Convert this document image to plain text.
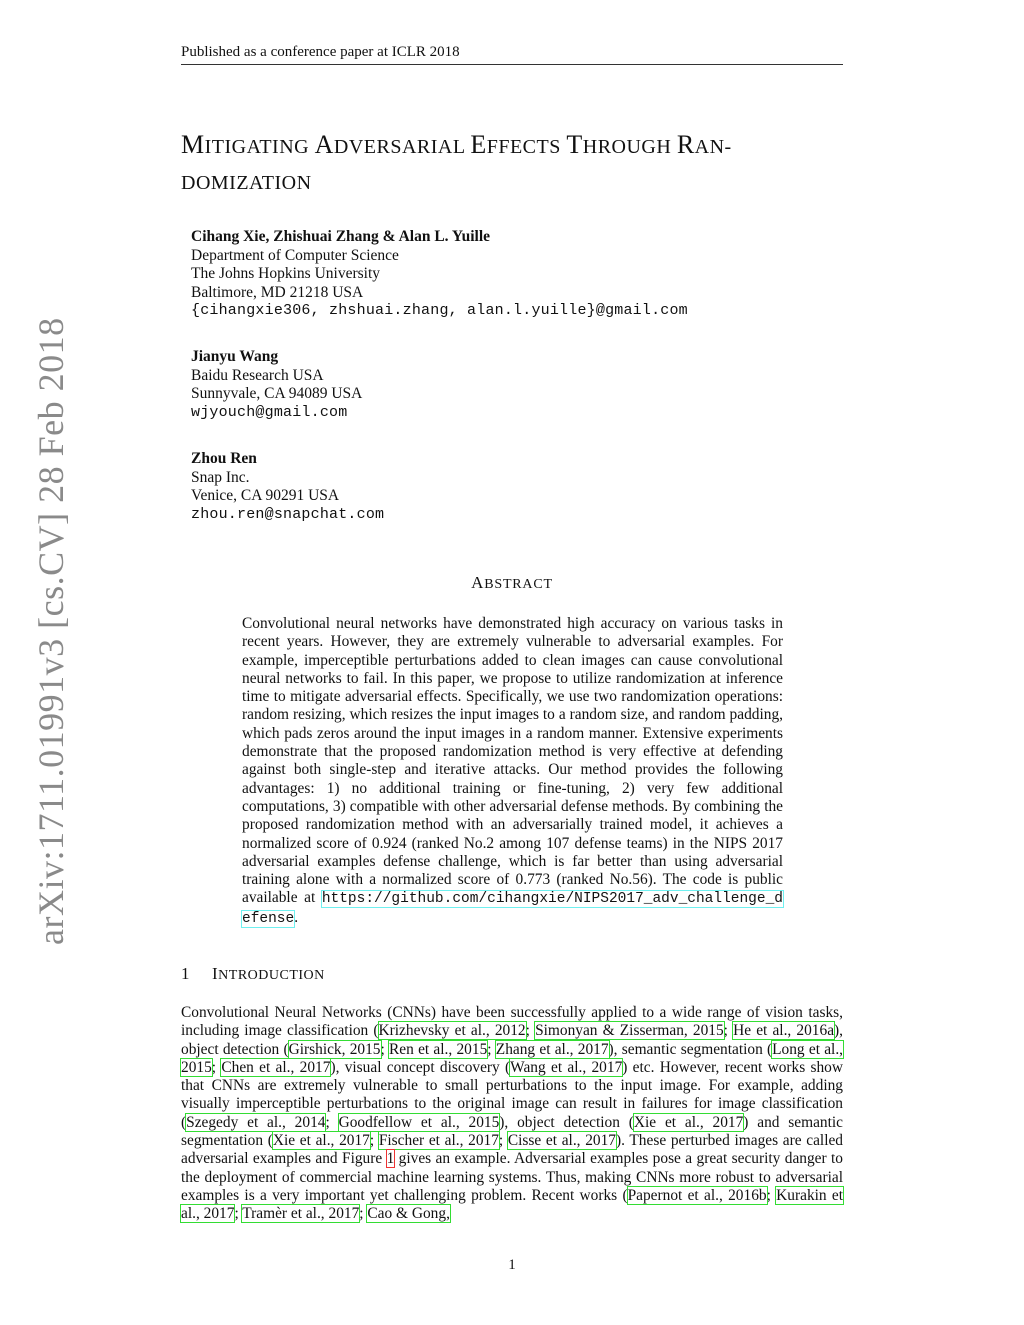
Published as a conference paper at ICLR 2018
MITIGATING ADVERSARIAL EFFECTS THROUGH RAN-
DOMIZATION
Cihang Xie, Zhishuai Zhang & Alan L. Yuille
Department of Computer Science
The Johns Hopkins University
Baltimore, MD 21218 USA
{cihangxie306, zhshuai.zhang, alan.l.yuille}@gmail.com
Jianyu Wang
Baidu Research USA
Sunnyvale, CA 94089 USA
wjyouch@gmail.com
Zhou Ren
Snap Inc.
Venice, CA 90291 USA
zhou.ren@snapchat.com
ABSTRACT
Convolutional neural networks have demonstrated high accuracy on various tasks in recent years. However, they are extremely vulnerable to adversarial examples. For example, imperceptible perturbations added to clean images can cause convolutional neural networks to fail. In this paper, we propose to utilize randomization at inference time to mitigate adversarial effects. Specifically, we use two randomization operations: random resizing, which resizes the input images to a random size, and random padding, which pads zeros around the input images in a random manner. Extensive experiments demonstrate that the proposed randomization method is very effective at defending against both single-step and iterative attacks. Our method provides the following advantages: 1) no additional training or fine-tuning, 2) very few additional computations, 3) compatible with other adversarial defense methods. By combining the proposed randomization method with an adversarially trained model, it achieves a normalized score of 0.924 (ranked No.2 among 107 defense teams) in the NIPS 2017 adversarial examples defense challenge, which is far better than using adversarial training alone with a normalized score of 0.773 (ranked No.56). The code is public available at https://github.com/cihangxie/NIPS2017_adv_challenge_defense.
arXiv:1711.01991v3 [cs.CV] 28 Feb 2018
1 INTRODUCTION
Convolutional Neural Networks (CNNs) have been successfully applied to a wide range of vision tasks, including image classification (Krizhevsky et al., 2012; Simonyan & Zisserman, 2015; He et al., 2016a), object detection (Girshick, 2015; Ren et al., 2015; Zhang et al., 2017), semantic segmentation (Long et al., 2015; Chen et al., 2017), visual concept discovery (Wang et al., 2017) etc. However, recent works show that CNNs are extremely vulnerable to small perturbations to the input image. For example, adding visually imperceptible perturbations to the original image can result in failures for image classification (Szegedy et al., 2014; Goodfellow et al., 2015), object detection (Xie et al., 2017) and semantic segmentation (Xie et al., 2017; Fischer et al., 2017; Cisse et al., 2017). These perturbed images are called adversarial examples and Figure 1 gives an example. Adversarial examples pose a great security danger to the deployment of commercial machine learning systems. Thus, making CNNs more robust to adversarial examples is a very important yet challenging problem. Recent works (Papernot et al., 2016b; Kurakin et al., 2017; Tramèr et al., 2017; Cao & Gong,
1
